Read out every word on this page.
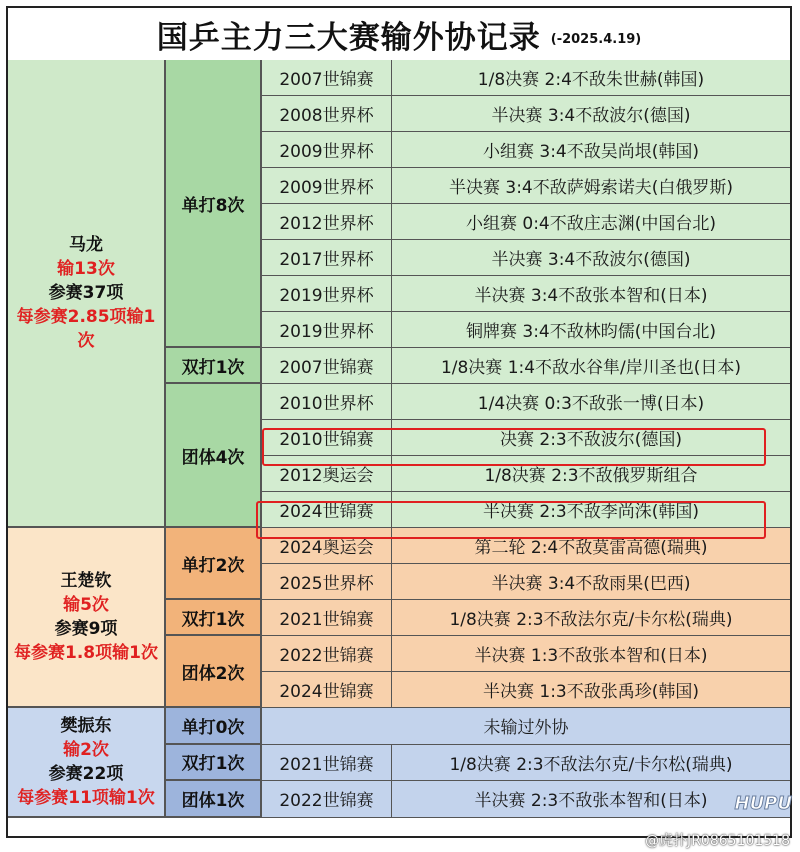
国乒主力三大赛输外协记录 (-2025.4.19)
马龙
输13次
参赛37项
每参赛2.85项输1次
单打8次
2007世锦赛	1/8决赛 2:4不敌朱世赫(韩国)
2008世界杯	半决赛 3:4不敌波尔(德国)
2009世界杯	小组赛 3:4不敌吴尚垠(韩国)
2009世界杯	半决赛 3:4不敌萨姆索诺夫(白俄罗斯)
2012世界杯	小组赛 0:4不敌庄志渊(中国台北)
2017世界杯	半决赛 3:4不敌波尔(德国)
2019世界杯	半决赛 3:4不敌张本智和(日本)
2019世界杯	铜牌赛 3:4不敌林昀儒(中国台北)
双打1次	2007世锦赛	1/8决赛 1:4不敌水谷隼/岸川圣也(日本)
团体4次
2010世界杯	1/4决赛 0:3不敌张一博(日本)
2010世锦赛	决赛 2:3不敌波尔(德国)
2012奥运会	1/8决赛 2:3不敌俄罗斯组合
2024世锦赛	半决赛 2:3不敌李尚洙(韩国)
王楚钦
输5次
参赛9项
每参赛1.8项输1次
单打2次
2024奥运会	第二轮 2:4不敌莫雷高德(瑞典)
2025世界杯	半决赛 3:4不敌雨果(巴西)
双打1次	2021世锦赛	1/8决赛 2:3不敌法尔克/卡尔松(瑞典)
团体2次
2022世锦赛	半决赛 1:3不敌张本智和(日本)
2024世锦赛	半决赛 1:3不敌张禹珍(韩国)
樊振东
输2次
参赛22项
每参赛11项输1次
单打0次	未输过外协
双打1次	2021世锦赛	1/8决赛 2:3不敌法尔克/卡尔松(瑞典)
团体1次	2022世锦赛	半决赛 2:3不敌张本智和(日本)	HUPU
@虎扑JR0865101518
